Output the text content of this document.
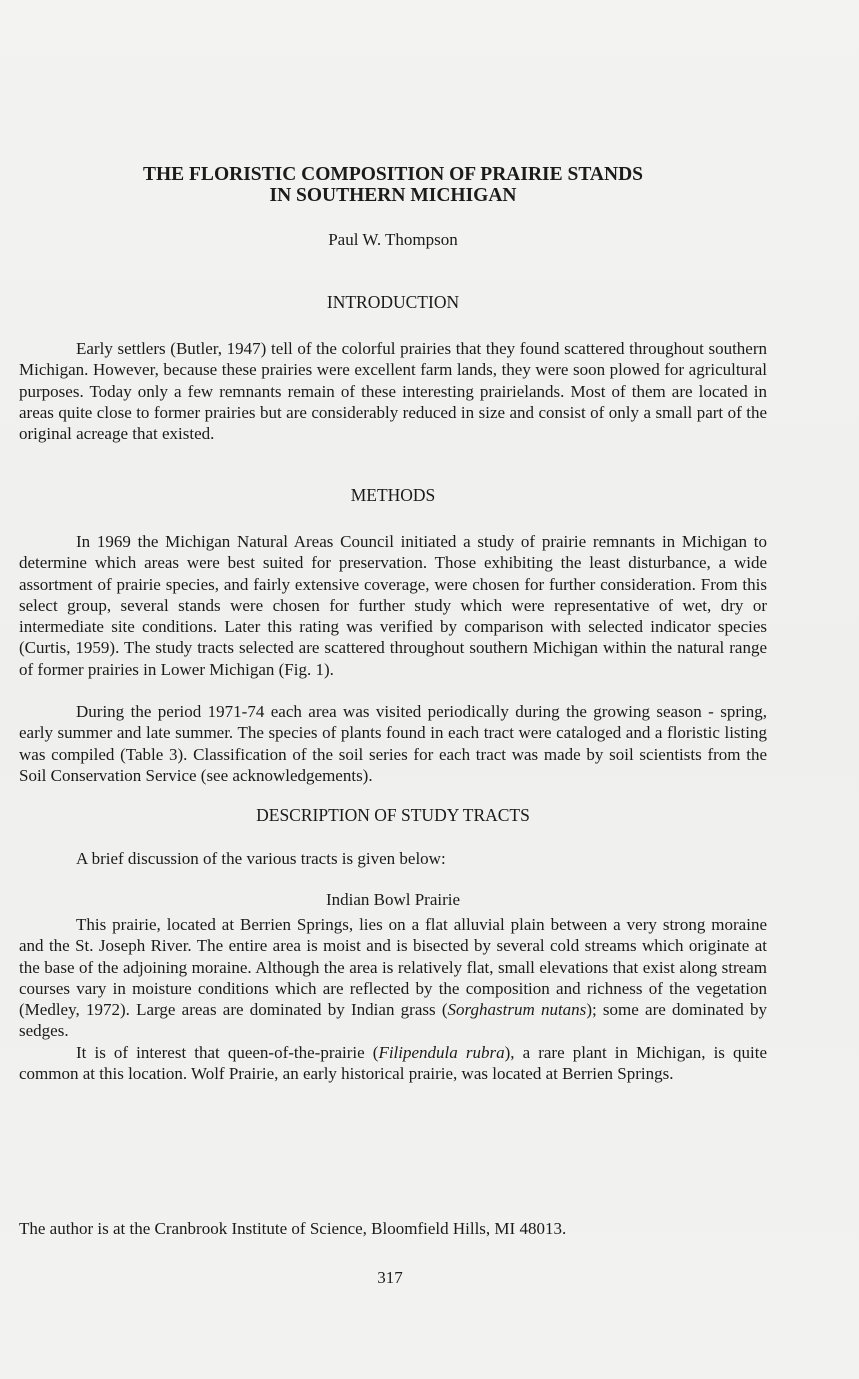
THE FLORISTIC COMPOSITION OF PRAIRIE STANDS
IN SOUTHERN MICHIGAN
Paul W. Thompson
INTRODUCTION

Early settlers (Butler, 1947) tell of the colorful prairies that they found scattered throughout southern Michigan. However, because these prairies were excellent farm lands, they were soon plowed for agricultural purposes. Today only a few remnants remain of these interesting prairielands. Most of them are located in areas quite close to former prairies but are considerably reduced in size and consist of only a small part of the original acreage that existed.

METHODS

In 1969 the Michigan Natural Areas Council initiated a study of prairie remnants in Michigan to determine which areas were best suited for preservation. Those exhibiting the least disturbance, a wide assortment of prairie species, and fairly extensive coverage, were chosen for further consideration. From this select group, several stands were chosen for further study which were representative of wet, dry or intermediate site conditions. Later this rating was verified by comparison with selected indicator species (Curtis, 1959). The study tracts selected are scattered throughout southern Michigan within the natural range of former prairies in Lower Michigan (Fig. 1).

During the period 1971-74 each area was visited periodically during the growing season - spring, early summer and late summer. The species of plants found in each tract were cataloged and a floristic listing was compiled (Table 3). Classification of the soil series for each tract was made by soil scientists from the Soil Conservation Service (see acknowledgements).

DESCRIPTION OF STUDY TRACTS

A brief discussion of the various tracts is given below:

Indian Bowl Prairie

This prairie, located at Berrien Springs, lies on a flat alluvial plain between a very strong moraine and the St. Joseph River. The entire area is moist and is bisected by several cold streams which originate at the base of the adjoining moraine. Although the area is relatively flat, small elevations that exist along stream courses vary in moisture conditions which are reflected by the composition and richness of the vegetation (Medley, 1972). Large areas are dominated by Indian grass (Sorghastrum nutans); some are dominated by sedges.

It is of interest that queen-of-the-prairie (Filipendula rubra), a rare plant in Michigan, is quite common at this location. Wolf Prairie, an early historical prairie, was located at Berrien Springs.

The author is at the Cranbrook Institute of Science, Bloomfield Hills, MI 48013.
317
